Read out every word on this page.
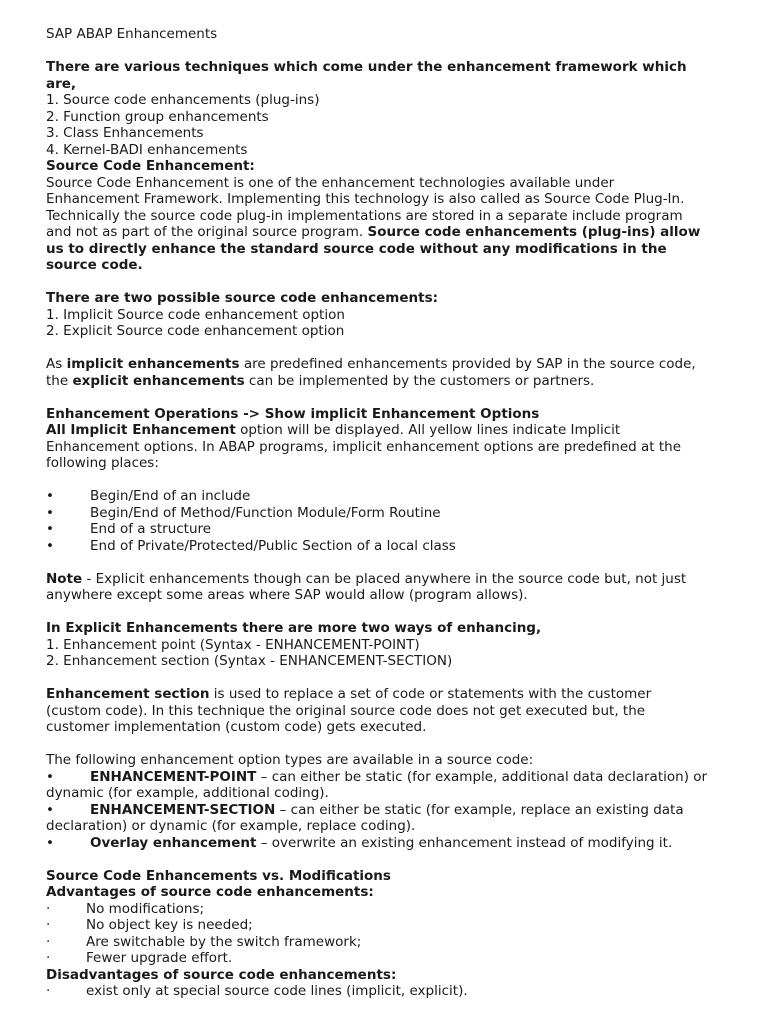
SAP ABAP Enhancements

There are various techniques which come under the enhancement framework which are,

1. Source code enhancements (plug-ins)

2. Function group enhancements

3. Class Enhancements

4. Kernel-BADI enhancements

Source Code Enhancement:

Source Code Enhancement is one of the enhancement technologies available under Enhancement Framework. Implementing this technology is also called as Source Code Plug-In. Technically the source code plug-in implementations are stored in a separate include program and not as part of the original source program. Source code enhancements (plug-ins) allow us to directly enhance the standard source code without any modifications in the source code.

There are two possible source code enhancements:

1. Implicit Source code enhancement option

2. Explicit Source code enhancement option

As implicit enhancements are predefined enhancements provided by SAP in the source code, the explicit enhancements can be implemented by the customers or partners.

Enhancement Operations -> Show implicit Enhancement Options

All Implicit Enhancement option will be displayed. All yellow lines indicate Implicit Enhancement options. In ABAP programs, implicit enhancement options are predefined at the following places:

•	Begin/End of an include
•	Begin/End of Method/Function Module/Form Routine
•	End of a structure
•	End of Private/Protected/Public Section of a local class

Note - Explicit enhancements though can be placed anywhere in the source code but, not just anywhere except some areas where SAP would allow (program allows).

In Explicit Enhancements there are more two ways of enhancing,

1. Enhancement point (Syntax - ENHANCEMENT-POINT)

2. Enhancement section (Syntax - ENHANCEMENT-SECTION)

Enhancement section is used to replace a set of code or statements with the customer (custom code). In this technique the original source code does not get executed but, the customer implementation (custom code) gets executed.

The following enhancement option types are available in a source code:

•	ENHANCEMENT-POINT – can either be static (for example, additional data declaration) or dynamic (for example, additional coding).

•	ENHANCEMENT-SECTION – can either be static (for example, replace an existing data declaration) or dynamic (for example, replace coding).

•	Overlay enhancement – overwrite an existing enhancement instead of modifying it.

Source Code Enhancements vs. Modifications

Advantages of source code enhancements:

·	No modifications;
·	No object key is needed;
·	Are switchable by the switch framework;
·	Fewer upgrade effort.

Disadvantages of source code enhancements:

·	exist only at special source code lines (implicit, explicit).
